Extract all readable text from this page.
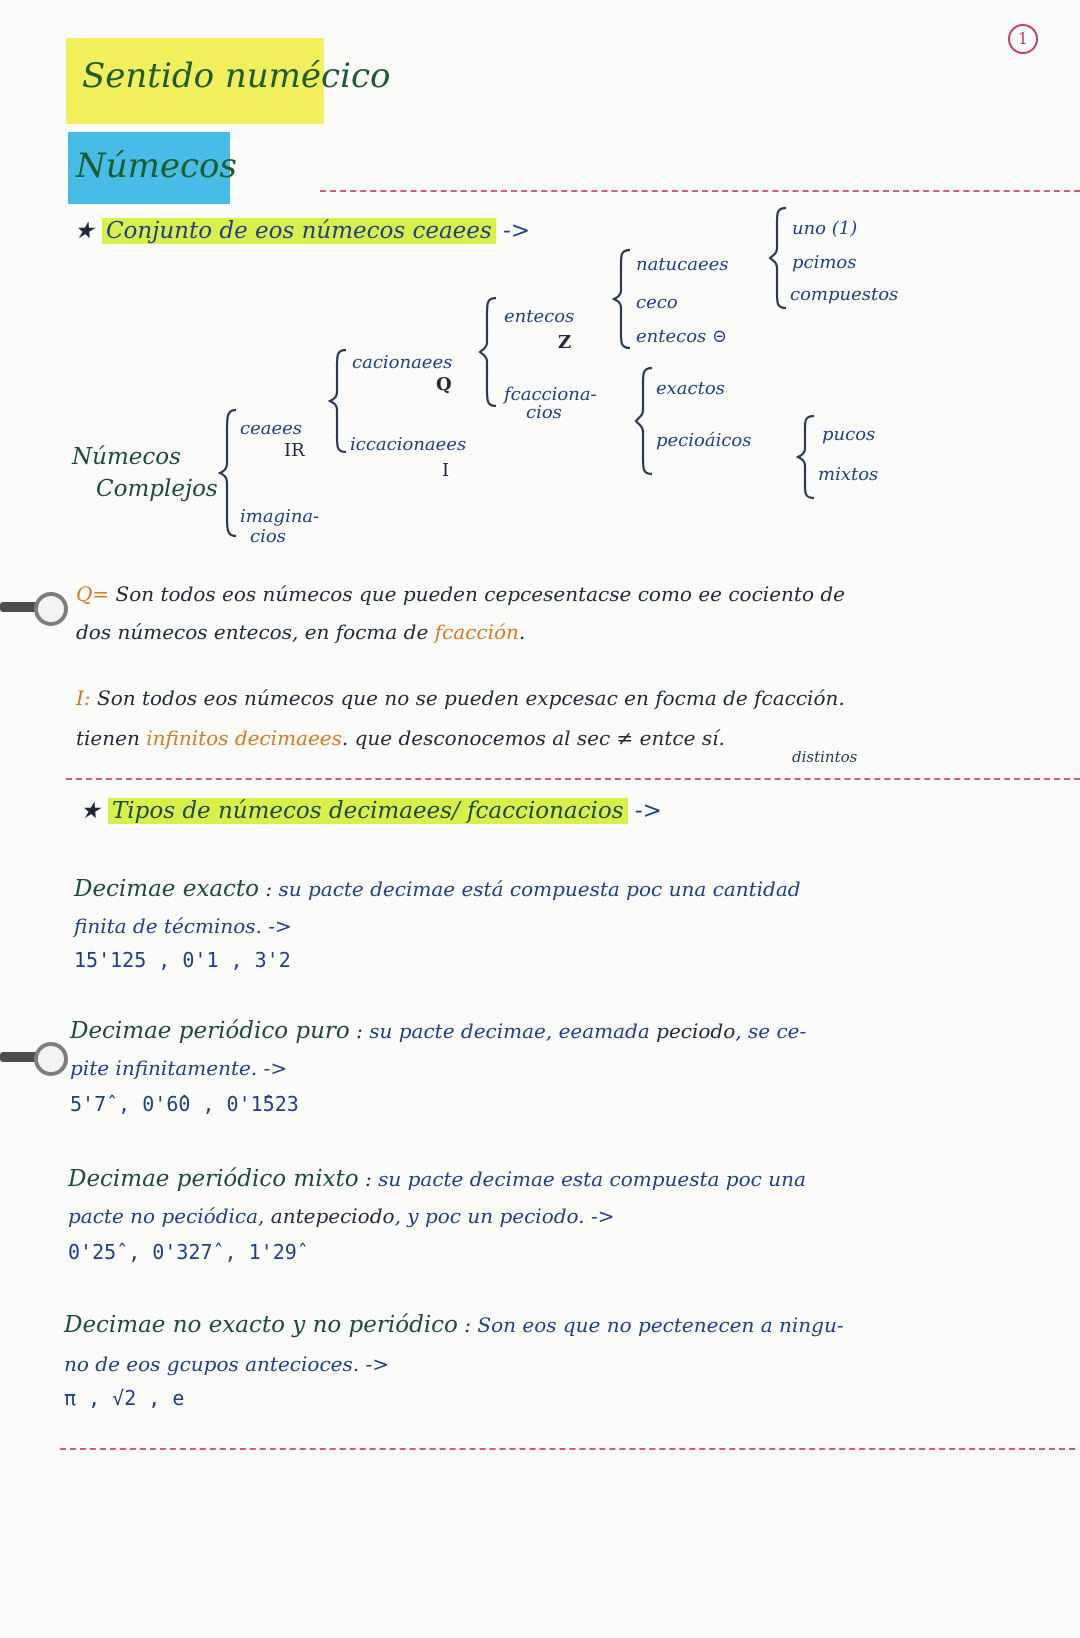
1
Sentido numécico
Númecos
★ Conjunto de eos númecos ceaees ->
Númecos
Complejos
ceaees
IR
imagina-
cios
cacionaees
Q
iccacionaees
I
entecos
Z
fcacciona-
cios
natucaees
ceco
entecos ⊝
exactos
pecioáicos
uno (1)
pcimos
compuestos
pucos
mixtos
Q= Son todos eos númecos que pueden cepcesentacse como ee cociento de
dos númecos entecos, en focma de fcacción.
I: Son todos eos númecos que no se pueden expcesac en focma de fcacción.
tienen infinitos decimaees. que desconocemos al sec ≠ entce sí.
distintos
★ Tipos de númecos decimaees/ fcaccionacios ->
Decimae exacto : su pacte decimae está compuesta poc una cantidad
finita de técminos. ->
15'125 , 0'1 , 3'2
Decimae periódico puro : su pacte decimae, eeamada peciodo, se ce-
pite infinitamente. ->
5'7̂ , 0'6̂0 , 0'1̂523
Decimae periódico mixto : su pacte decimae esta compuesta poc una
pacte no peciódica, antepeciodo, y poc un peciodo. ->
0'25̂ , 0'327̂ , 1'29̂
Decimae no exacto y no periódico : Son eos que no pectenecen a ningu-
no de eos gcupos antecioces. ->
π , √2 , e
